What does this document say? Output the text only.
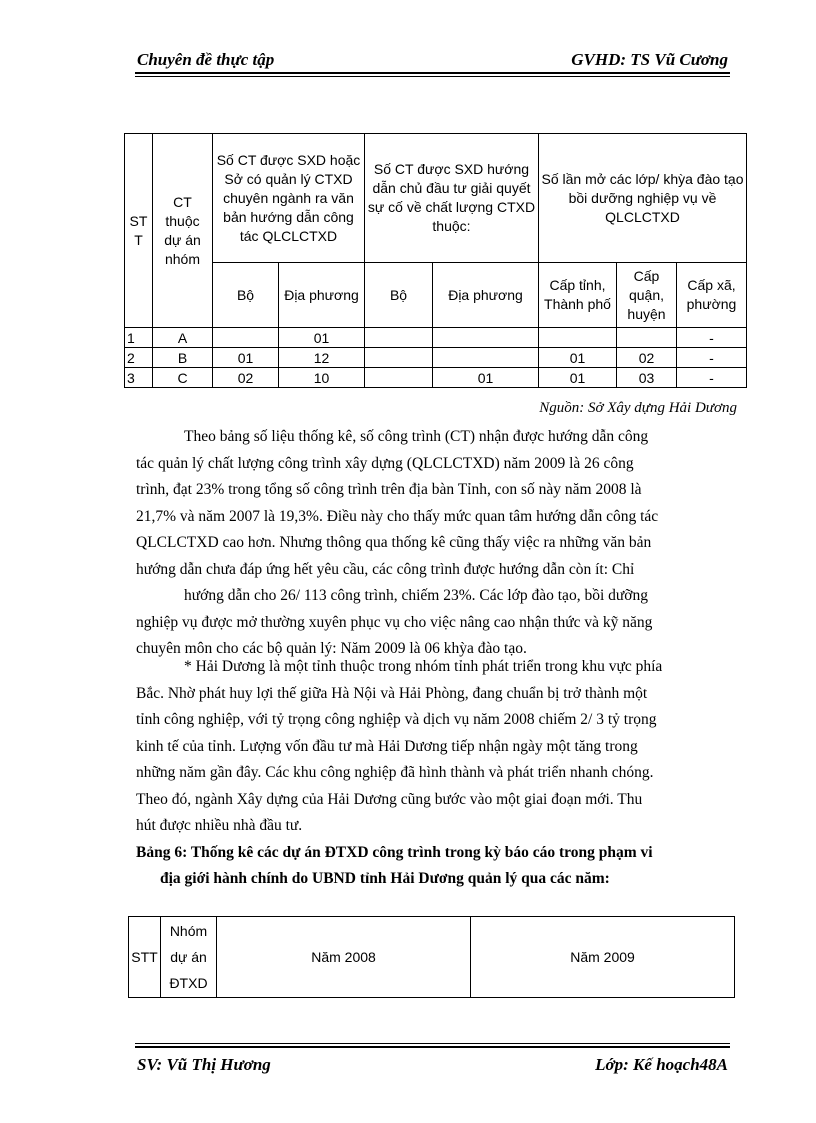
Chuyên đề thực tập	GVHD: TS Vũ Cương
STT	CT thuộc dự án nhóm	Số CT được SXD hoặc Sở có quản lý CTXD chuyên ngành ra văn bản hướng dẫn công tác QLCLCTXD		Số CT được SXD hướng dẫn chủ đầu tư giải quyết sự cố về chất lượng CTXD thuộc:		Số lần mở các lớp/ khỳa đào tạo bồi dưỡng nghiệp vụ về QLCLCTXD		
		Bộ	Địa phương	Bộ	Địa phương	Cấp tỉnh, Thành phố	Cấp quận, huyện	Cấp xã, phường
1	A		01					-
2	B	01	12			01	02	-
3	C	02	10		01	01	03	-
Nguồn: Sở Xây dựng Hải Dương
Theo bảng số liệu thống kê, số công trình (CT) nhận được hướng dẫn công
tác quản lý chất lượng công trình xây dựng (QLCLCTXD) năm 2009 là 26 công
trình, đạt 23% trong tổng số công trình trên địa bàn Tỉnh, con số này năm 2008 là
21,7% và năm 2007 là 19,3%. Điều này cho thấy mức quan tâm hướng dẫn công tác
QLCLCTXD cao hơn. Nhưng thông qua thống kê cũng thấy việc ra những văn bản
hướng dẫn chưa đáp ứng hết yêu cầu, các công trình được hướng dẫn còn ít: Chỉ
hướng dẫn cho 26/ 113 công trình, chiếm 23%. Các lớp đào tạo, bồi dưỡng
nghiệp vụ được mở thường xuyên phục vụ cho việc nâng cao nhận thức và kỹ năng
chuyên môn cho các bộ quản lý: Năm 2009 là 06 khỳa đào tạo.
* Hải Dương là một tỉnh thuộc trong nhóm tỉnh phát triển trong khu vực phía
Bắc. Nhờ phát huy lợi thế giữa Hà Nội và Hải Phòng, đang chuẩn bị trở thành một
tỉnh công nghiệp, với tỷ trọng công nghiệp và dịch vụ năm 2008 chiếm 2/ 3 tỷ trọng
kinh tế của tỉnh. Lượng vốn đầu tư mà Hải Dương tiếp nhận ngày một tăng trong
những năm gần đây. Các khu công nghiệp đã hình thành và phát triển nhanh chóng.
Theo đó, ngành Xây dựng của Hải Dương cũng bước vào một giai đoạn mới. Thu
hút được nhiều nhà đầu tư.
Bảng 6: Thống kê các dự án ĐTXD công trình trong kỳ báo cáo trong phạm vi
địa giới hành chính do UBND tỉnh Hải Dương quản lý qua các năm:
STT	Nhóm dự án ĐTXD	Năm 2008	Năm 2009
SV: Vũ Thị Hương	Lớp: Kế hoạch48A
